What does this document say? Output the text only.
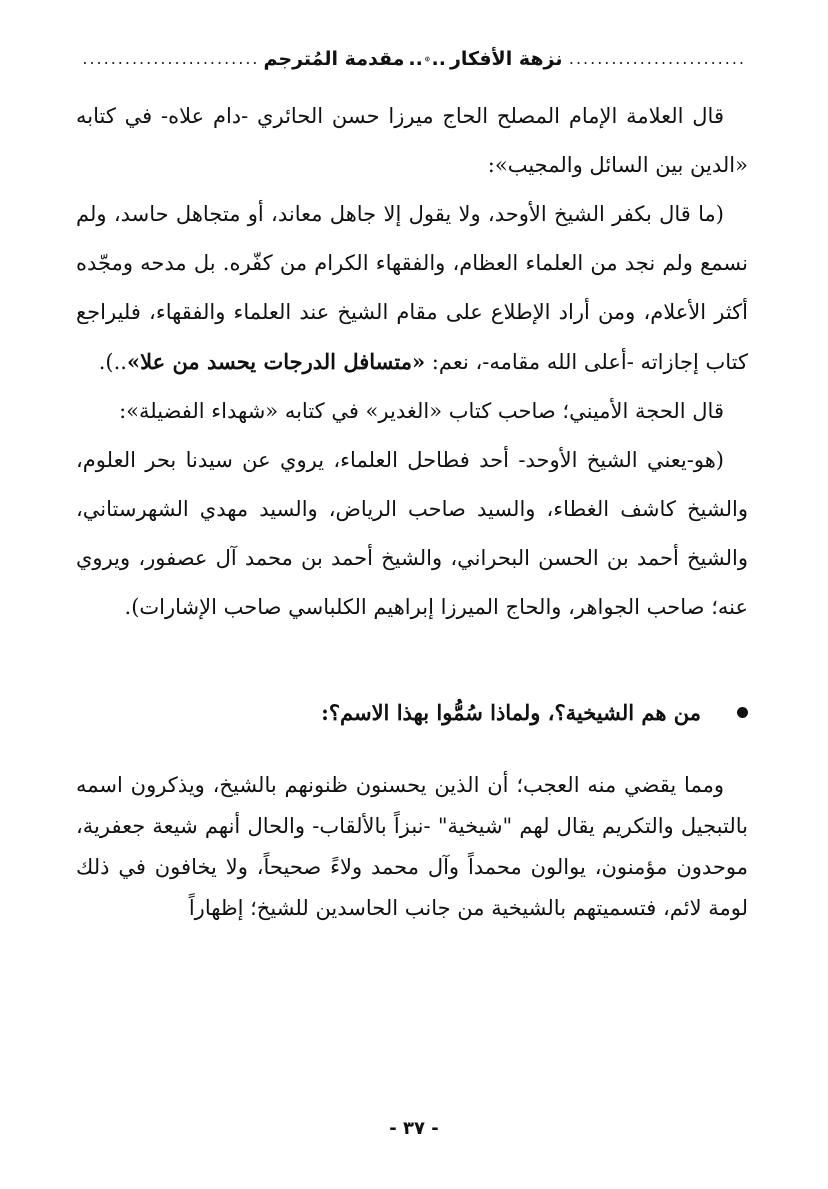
.....
نزهة الأفكار
..
..
مقدمة المُترجم
.....

قال العلامة الإمام المصلح الحاج ميرزا حسن الحائري -دام علاه- في كتابه «الدين بين السائل والمجيب»:

(ما قال بكفر الشيخ الأوحد، ولا يقول إلا جاهل معاند، أو متجاهل حاسد، ولم نسمع ولم نجد من العلماء العظام، والفقهاء الكرام من كفّره. بل مدحه ومجّده أكثر الأعلام، ومن أراد الإطلاع على مقام الشيخ عند العلماء والفقهاء، فليراجع كتاب إجازاته -أعلى الله مقامه-، نعم: «متسافل الدرجات يحسد من علا»..).

قال الحجة الأميني؛ صاحب كتاب «الغدير» في كتابه «شهداء الفضيلة»:

(هو-يعني الشيخ الأوحد- أحد فطاحل العلماء، يروي عن سيدنا بحر العلوم، والشيخ كاشف الغطاء، والسيد صاحب الرياض، والسيد مهدي الشهرستاني، والشيخ أحمد بن الحسن البحراني، والشيخ أحمد بن محمد آل عصفور، ويروي عنه؛ صاحب الجواهر، والحاج الميرزا إبراهيم الكلباسي صاحب الإشارات).

من هم الشيخية؟، ولماذا سُمُّوا بهذا الاسم؟:

ومما يقضي منه العجب؛ أن الذين يحسنون ظنونهم بالشيخ، ويذكرون اسمه بالتبجيل والتكريم يقال لهم "شيخية" -نبزاً بالألقاب- والحال أنهم شيعة جعفرية، موحدون مؤمنون، يوالون محمداً وآل محمد ولاءً صحيحاً، ولا يخافون في ذلك لومة لائم، فتسميتهم بالشيخية من جانب الحاسدين للشيخ؛ إظهاراً

- ٣٧ -
